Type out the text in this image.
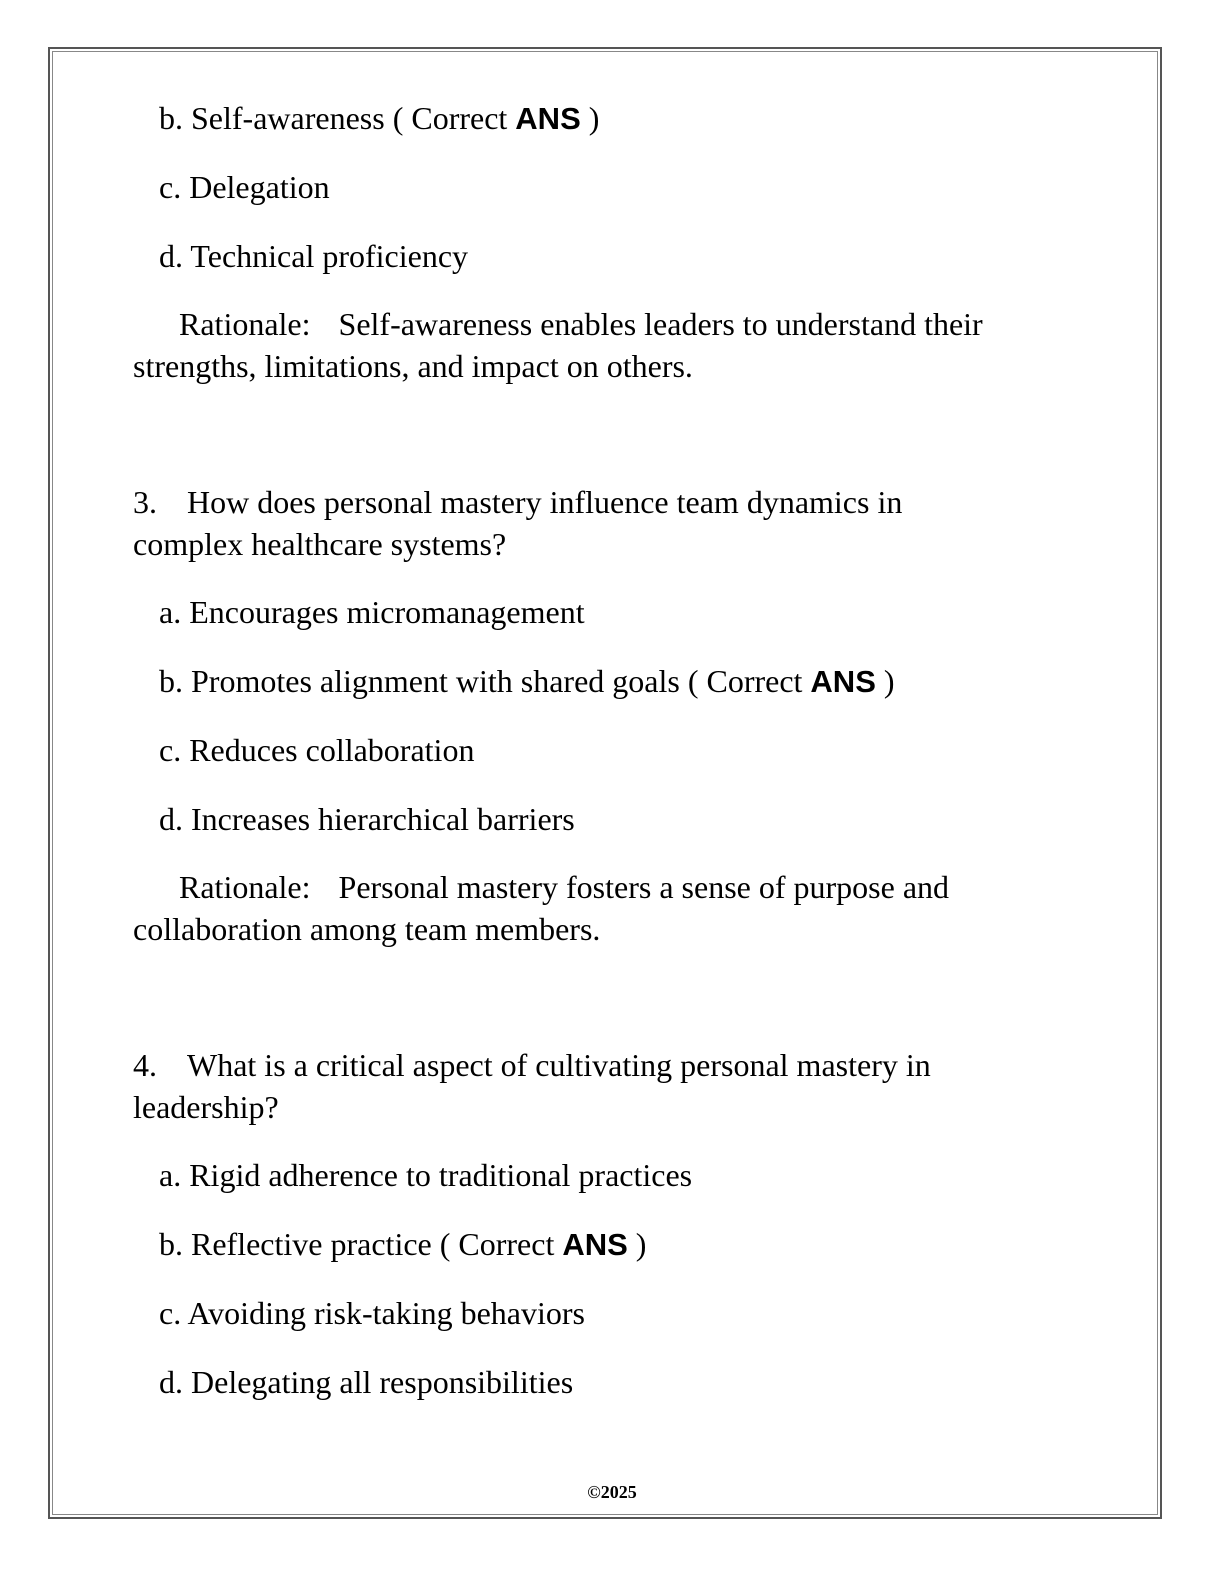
b. Self-awareness ( Correct ANS )
c. Delegation
d. Technical proficiency
Rationale: Self-awareness enables leaders to understand their
strengths, limitations, and impact on others.
3. How does personal mastery influence team dynamics in
complex healthcare systems?
a. Encourages micromanagement
b. Promotes alignment with shared goals ( Correct ANS )
c. Reduces collaboration
d. Increases hierarchical barriers
Rationale: Personal mastery fosters a sense of purpose and
collaboration among team members.
4. What is a critical aspect of cultivating personal mastery in
leadership?
a. Rigid adherence to traditional practices
b. Reflective practice ( Correct ANS )
c. Avoiding risk-taking behaviors
d. Delegating all responsibilities
©2025
